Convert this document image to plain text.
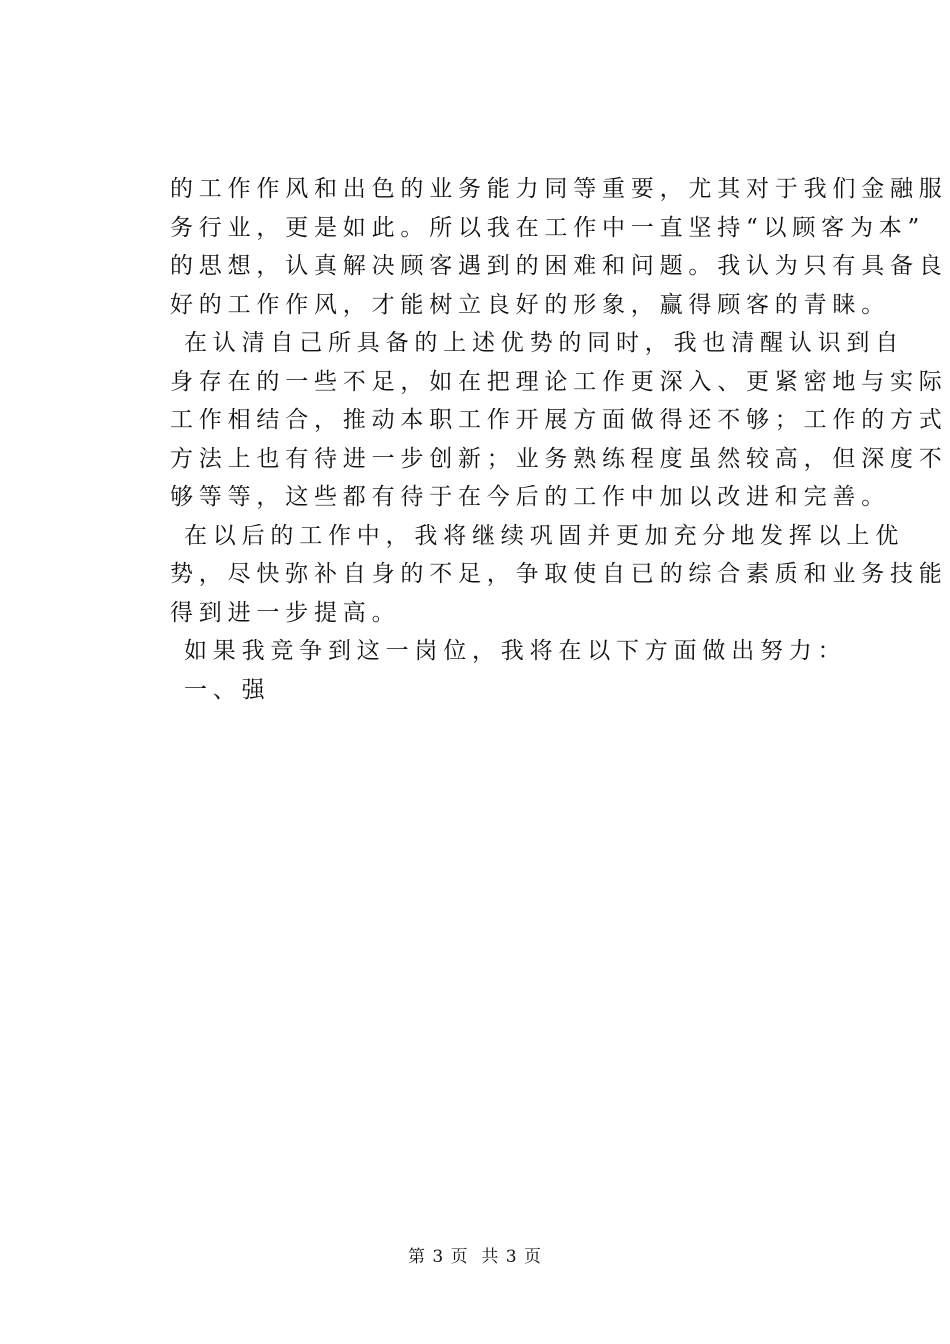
的工作作风和出色的业务能力同等重要，尤其对于我们金融服
务行业，更是如此。所以我在工作中一直坚持“以顾客为本”
的思想，认真解决顾客遇到的困难和问题。我认为只有具备良
好的工作作风，才能树立良好的形象，赢得顾客的青睐。
在认清自己所具备的上述优势的同时，我也清醒认识到自
身存在的一些不足，如在把理论工作更深入、更紧密地与实际
工作相结合，推动本职工作开展方面做得还不够；工作的方式
方法上也有待进一步创新；业务熟练程度虽然较高，但深度不
够等等，这些都有待于在今后的工作中加以改进和完善。
在以后的工作中，我将继续巩固并更加充分地发挥以上优
势，尽快弥补自身的不足，争取使自已的综合素质和业务技能
得到进一步提高。
如果我竞争到这一岗位，我将在以下方面做出努力：
一、强
第 3 页  共 3 页
